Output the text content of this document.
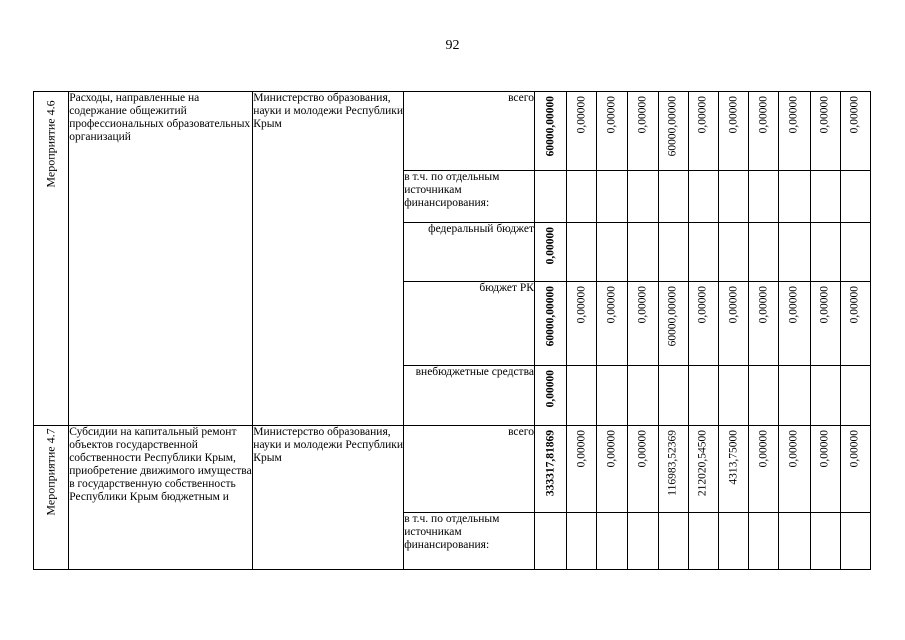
92
Мероприятие 4.6	Расходы, направленные на содержание общежитий профессиональных образовательных организаций	Министерство образования, науки и молодежи Республики Крым	всего	60000,00000	0,00000	0,00000	0,00000	60000,00000	0,00000	0,00000	0,00000	0,00000	0,00000	0,00000

			в т.ч. по отдельным источникам финансирования:											
			федеральный бюджет	0,00000										

			бюджет РК	60000,00000	0,00000	0,00000	0,00000	60000,00000	0,00000	0,00000	0,00000	0,00000	0,00000	0,00000

			внебюджетные средства	0,00000										

Мероприятие 4.7	Субсидии на капитальный ремонт объектов государственной собственности Республики Крым, приобретение движимого имущества в государственную собственность Республики Крым бюджетным и	Министерство образования, науки и молодежи Республики Крым	всего	333317,81869	0,00000	0,00000	0,00000	116983,52369	212020,54500	4313,75000	0,00000	0,00000	0,00000	0,00000

			в т.ч. по отдельным источникам финансирования:											
